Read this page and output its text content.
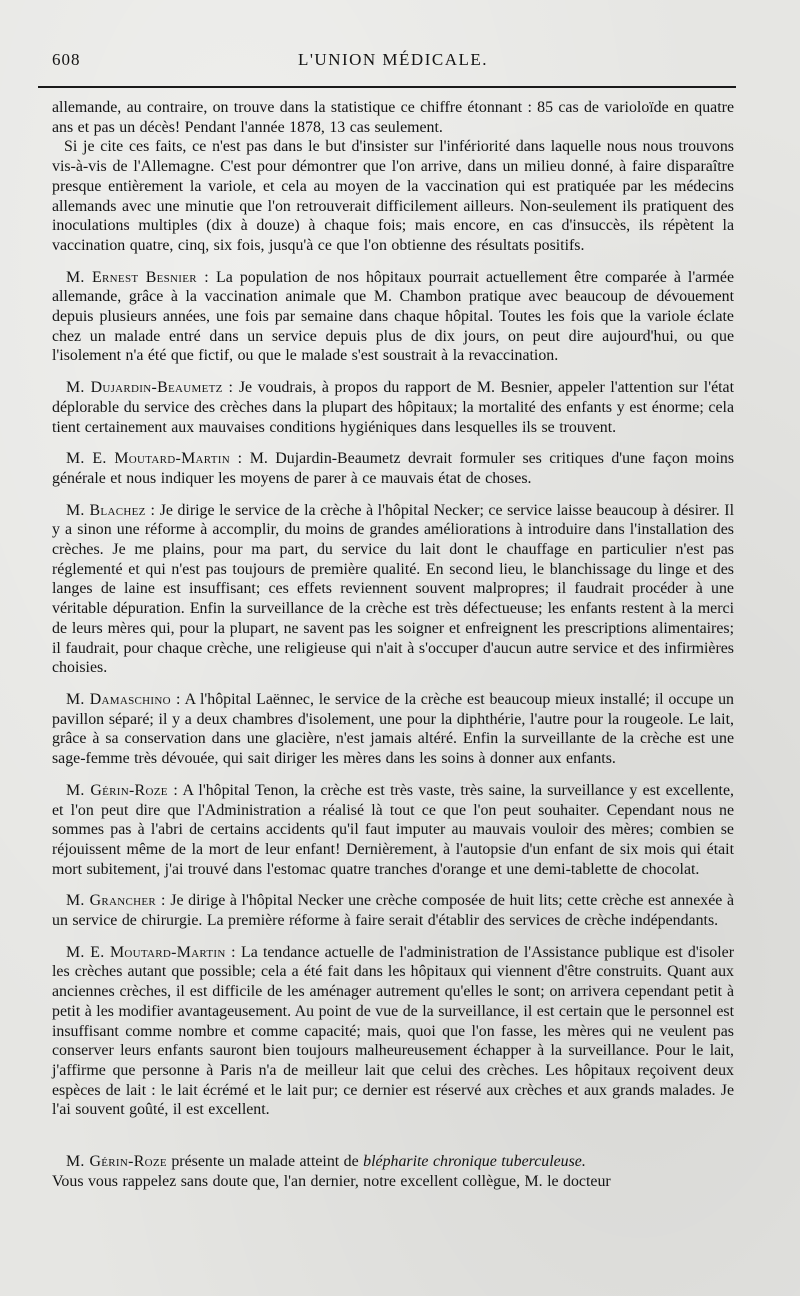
608	L'UNION MÉDICALE.

allemande, au contraire, on trouve dans la statistique ce chiffre étonnant : 85 cas de varioloïde en quatre ans et pas un décès! Pendant l'année 1878, 13 cas seulement.

Si je cite ces faits, ce n'est pas dans le but d'insister sur l'infériorité dans laquelle nous nous trouvons vis-à-vis de l'Allemagne. C'est pour démontrer que l'on arrive, dans un milieu donné, à faire disparaître presque entièrement la variole, et cela au moyen de la vaccination qui est pratiquée par les médecins allemands avec une minutie que l'on retrouverait difficilement ailleurs. Non-seulement ils pratiquent des inoculations multiples (dix à douze) à chaque fois; mais encore, en cas d'insuccès, ils répètent la vaccination quatre, cinq, six fois, jusqu'à ce que l'on obtienne des résultats positifs.

M. Ernest Besnier : La population de nos hôpitaux pourrait actuellement être comparée à l'armée allemande, grâce à la vaccination animale que M. Chambon pratique avec beaucoup de dévouement depuis plusieurs années, une fois par semaine dans chaque hôpital. Toutes les fois que la variole éclate chez un malade entré dans un service depuis plus de dix jours, on peut dire aujourd'hui, ou que l'isolement n'a été que fictif, ou que le malade s'est soustrait à la revaccination.

M. Dujardin-Beaumetz : Je voudrais, à propos du rapport de M. Besnier, appeler l'attention sur l'état déplorable du service des crèches dans la plupart des hôpitaux; la mortalité des enfants y est énorme; cela tient certainement aux mauvaises conditions hygiéniques dans lesquelles ils se trouvent.

M. E. Moutard-Martin : M. Dujardin-Beaumetz devrait formuler ses critiques d'une façon moins générale et nous indiquer les moyens de parer à ce mauvais état de choses.

M. Blachez : Je dirige le service de la crèche à l'hôpital Necker; ce service laisse beaucoup à désirer. Il y a sinon une réforme à accomplir, du moins de grandes améliorations à introduire dans l'installation des crèches. Je me plains, pour ma part, du service du lait dont le chauffage en particulier n'est pas réglementé et qui n'est pas toujours de première qualité. En second lieu, le blanchissage du linge et des langes de laine est insuffisant; ces effets reviennent souvent malpropres; il faudrait procéder à une véritable dépuration. Enfin la surveillance de la crèche est très défectueuse; les enfants restent à la merci de leurs mères qui, pour la plupart, ne savent pas les soigner et enfreignent les prescriptions alimentaires; il faudrait, pour chaque crèche, une religieuse qui n'ait à s'occuper d'aucun autre service et des infirmières choisies.

M. Damaschino : A l'hôpital Laënnec, le service de la crèche est beaucoup mieux installé; il occupe un pavillon séparé; il y a deux chambres d'isolement, une pour la diphthérie, l'autre pour la rougeole. Le lait, grâce à sa conservation dans une glacière, n'est jamais altéré. Enfin la surveillante de la crèche est une sage-femme très dévouée, qui sait diriger les mères dans les soins à donner aux enfants.

M. Gérin-Roze : A l'hôpital Tenon, la crèche est très vaste, très saine, la surveillance y est excellente, et l'on peut dire que l'Administration a réalisé là tout ce que l'on peut souhaiter. Cependant nous ne sommes pas à l'abri de certains accidents qu'il faut imputer au mauvais vouloir des mères; combien se réjouissent même de la mort de leur enfant! Dernièrement, à l'autopsie d'un enfant de six mois qui était mort subitement, j'ai trouvé dans l'estomac quatre tranches d'orange et une demi-tablette de chocolat.

M. Grancher : Je dirige à l'hôpital Necker une crèche composée de huit lits; cette crèche est annexée à un service de chirurgie. La première réforme à faire serait d'établir des services de crèche indépendants.

M. E. Moutard-Martin : La tendance actuelle de l'administration de l'Assistance publique est d'isoler les crèches autant que possible; cela a été fait dans les hôpitaux qui viennent d'être construits. Quant aux anciennes crèches, il est difficile de les aménager autrement qu'elles le sont; on arrivera cependant petit à petit à les modifier avantageusement. Au point de vue de la surveillance, il est certain que le personnel est insuffisant comme nombre et comme capacité; mais, quoi que l'on fasse, les mères qui ne veulent pas conserver leurs enfants sauront bien toujours malheureusement échapper à la surveillance. Pour le lait, j'affirme que personne à Paris n'a de meilleur lait que celui des crèches. Les hôpitaux reçoivent deux espèces de lait : le lait écrémé et le lait pur; ce dernier est réservé aux crèches et aux grands malades. Je l'ai souvent goûté, il est excellent.

M. Gérin-Roze présente un malade atteint de blépharite chronique tuberculeuse.
Vous vous rappelez sans doute que, l'an dernier, notre excellent collègue, M. le docteur
